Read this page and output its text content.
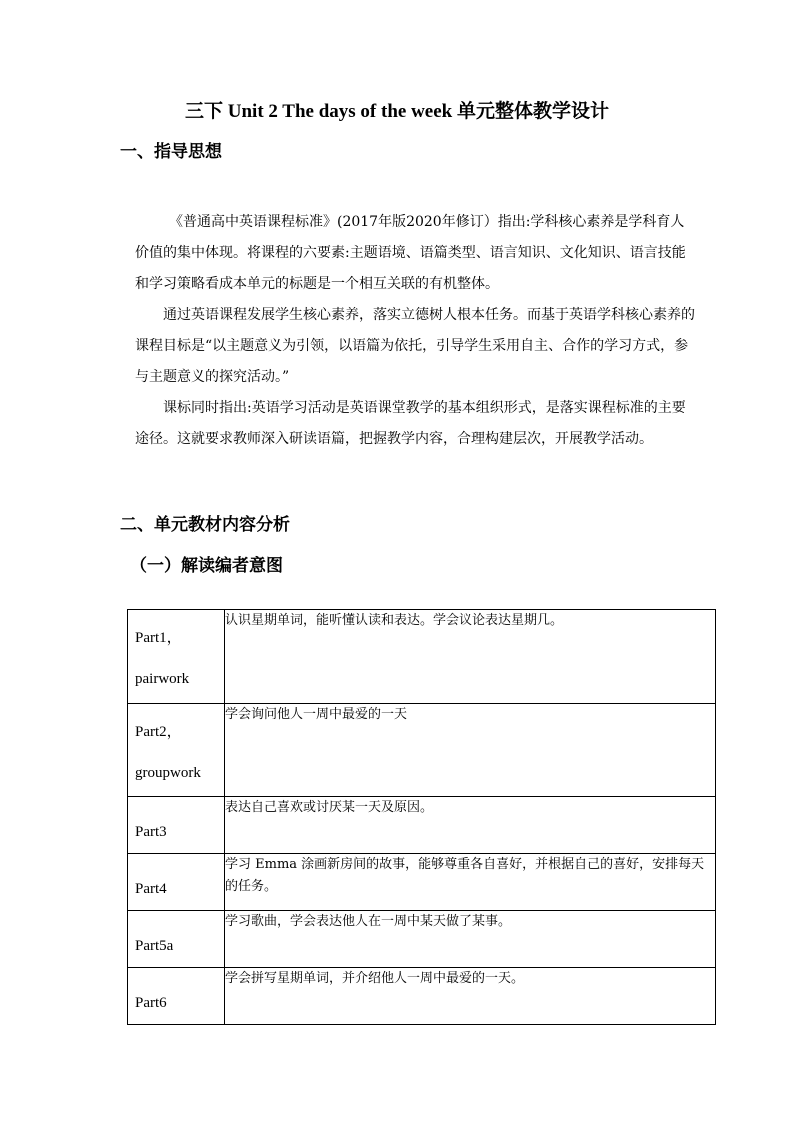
三下 Unit 2 The days of the week 单元整体教学设计
一、指导思想

《普通高中英语课程标准》(2017年版2020年修订）指出:学科核心素养是学科育人价值的集中体现。将课程的六要素:主题语境、语篇类型、语言知识、文化知识、语言技能和学习策略看成本单元的标题是一个相互关联的有机整体。

通过英语课程发展学生核心素养，落实立德树人根本任务。而基于英语学科核心素养的课程目标是“以主题意义为引领，以语篇为依托，引导学生采用自主、合作的学习方式，参与主题意义的探究活动。”

课标同时指出:英语学习活动是英语课堂教学的基本组织形式，是落实课程标准的主要途径。这就要求教师深入研读语篇，把握教学内容，合理构建层次，开展教学活动。

二、单元教材内容分析
（一）解读编者意图
Part1，
pairwork	认识星期单词，能听懂认读和表达。学会议论表达星期几。

Part2，
groupwork	学会询问他人一周中最爱的一天

Part3	表达自己喜欢或讨厌某一天及原因。

Part4	学习 Emma 涂画新房间的故事，能够尊重各自喜好，并根据自己的喜好，安排每天的任务。

Part5a	学习歌曲，学会表达他人在一周中某天做了某事。

Part6	学会拼写星期单词，并介绍他人一周中最爱的一天。
